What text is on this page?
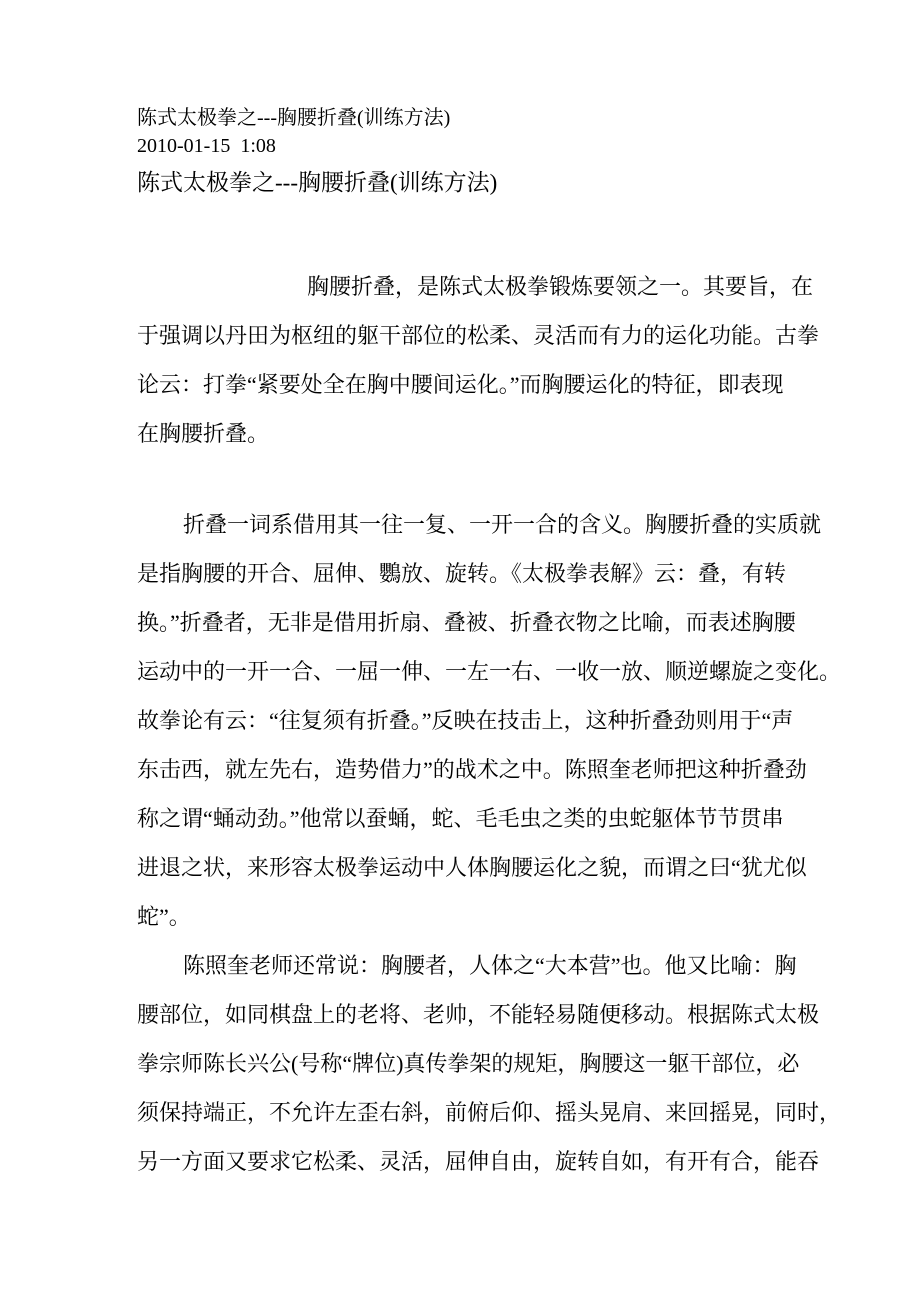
陈式太极拳之---胸腰折叠(训练方法)
2010-01-15  1:08
陈式太极拳之---胸腰折叠(训练方法)
胸腰折叠，是陈式太极拳锻炼要领之一。其要旨，在
于强调以丹田为枢纽的躯干部位的松柔、灵活而有力的运化功能。古拳
论云：打拳“紧要处全在胸中腰间运化。”而胸腰运化的特征，即表现
在胸腰折叠。
折叠一词系借用其一往一复、一开一合的含义。胸腰折叠的实质就
是指胸腰的开合、屈伸、鸚放、旋转。《太极拳表解》云：叠，有转
换。”折叠者，无非是借用折扇、叠被、折叠衣物之比喻，而表述胸腰
运动中的一开一合、一屈一伸、一左一右、一收一放、顺逆螺旋之变化。
故拳论有云：“往复须有折叠。”反映在技击上，这种折叠劲则用于“声
东击西，就左先右，造势借力”的战术之中。陈照奎老师把这种折叠劲
称之谓“蛹动劲。”他常以蚕蛹，蛇、毛毛虫之类的虫蛇躯体节节贯串
进退之状，来形容太极拳运动中人体胸腰运化之貌，而谓之曰“犹尤似
蛇”。
陈照奎老师还常说：胸腰者，人体之“大本营”也。他又比喻：胸
腰部位，如同棋盘上的老将、老帅，不能轻易随便移动。根据陈式太极
拳宗师陈长兴公(号称“牌位)真传拳架的规矩，胸腰这一躯干部位，必
须保持端正，不允许左歪右斜，前俯后仰、摇头晃肩、来回摇晃，同时，
另一方面又要求它松柔、灵活，屈伸自由，旋转自如，有开有合，能吞
